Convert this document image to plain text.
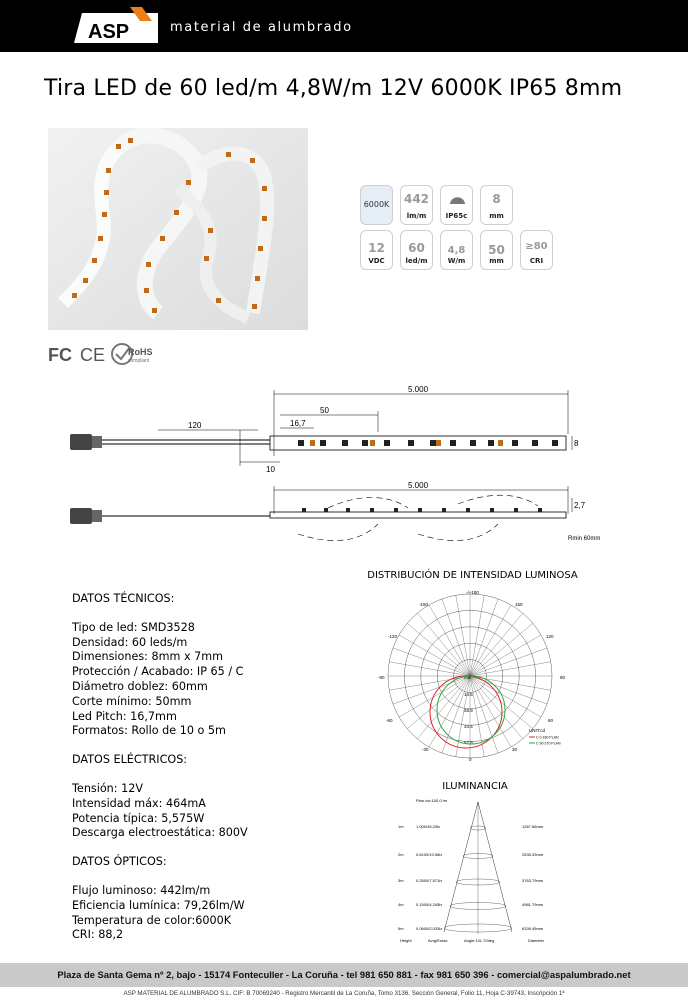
ASP	material de alumbrado
Tira LED de 60 led/m 4,8W/m 12V 6000K IP65 8mm
6000K 442
lm/m	IP65c
8
mm
12
VDC
60
led/m
4,8
W/m
50
mm
≥80
CRI
FC CE	RoHS
compliant
5.000
50
16,7
120
10
8
5.000
2,7
Rmin 60mm
DATOS TÉCNICOS:
Tipo de led: SMD3528
Densidad: 60 leds/m
Dimensiones: 8mm x 7mm
Protección / Acabado: IP 65 / C
Diámetro doblez: 60mm
Corte mínimo: 50mm
Led Pitch: 16,7mm
Formatos: Rollo de 10 o 5m
DATOS ELÉCTRICOS:
Tensión: 12V
Intensidad máx: 464mA
Potencia típica: 5,575W
Descarga electroestática: 800V
DATOS ÓPTICOS:
Flujo luminoso: 442lm/m
Eficiencia lumínica: 79,26lm/W
Temperatura de color:6000K
CRI: 88,2
DISTRIBUCIÓN DE INTENSIDAD LUMINOSA
-/+180
-150	150
-120	120
-90	90
-60	60
-30	30
0
0.0
14.5
28.9
43.4
57.8
UNIT:cd
C 0-180 PLAN
C 90-270 PLAN
ILUMINANCIA
Plan cut:100.0 lm
1m	1.000/45.23lx	1267.66mm
2m	0.6100/10.56lx	2535.33mm
3m	0.2500/7.571lx	3763.79mm
4m	0.1500/4.245lx	4981.79mm
5m	0.0600/2.033lx	6339.45mm
Height	Avrg/Emax	Angle:101.70deg	Diameter
Plaza de Santa Gema nº 2, bajo - 15174 Fonteculler - La Coruña - tel 981 650 881 - fax 981 650 396 - comercial@aspalumbrado.net
ASP MATERIAL DE ALUMBRADO S.L. CIF: B 70069240 - Registro Mercantil de La Coruña, Tomo 3136, Sección General, Folio 11, Hoja C-39743, Inscripción 1ª
